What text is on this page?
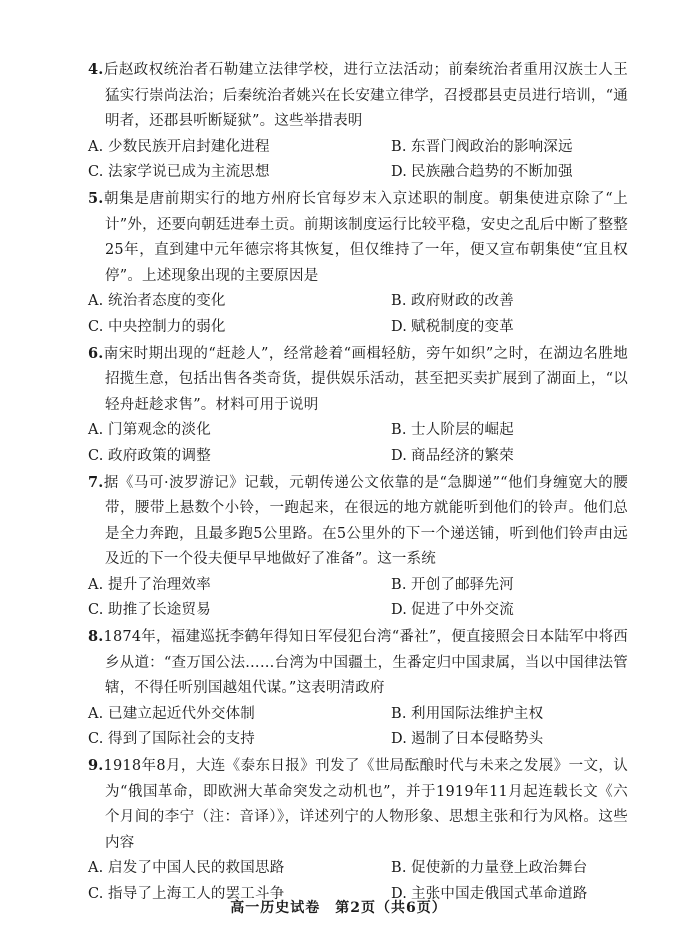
4.后赵政权统治者石勒建立法律学校，进行立法活动；前秦统治者重用汉族士人王猛实行崇尚法治；后秦统治者姚兴在长安建立律学，召授郡县吏员进行培训，“通明者，还郡县听断疑狱”。这些举措表明

A. 少数民族开启封建化进程	B. 东晋门阀政治的影响深远
C. 法家学说已成为主流思想	D. 民族融合趋势的不断加强

5.朝集是唐前期实行的地方州府长官每岁末入京述职的制度。朝集使进京除了“上计”外，还要向朝廷进奉土贡。前期该制度运行比较平稳，安史之乱后中断了整整25年，直到建中元年德宗将其恢复，但仅维持了一年，便又宣布朝集使“宜且权停”。上述现象出现的主要原因是

A. 统治者态度的变化	B. 政府财政的改善
C. 中央控制力的弱化	D. 赋税制度的变革

6.南宋时期出现的“赶趁人”，经常趁着“画楫轻舫，旁午如织”之时，在湖边名胜地招揽生意，包括出售各类奇货，提供娱乐活动，甚至把买卖扩展到了湖面上，“以轻舟赶趁求售”。材料可用于说明

A. 门第观念的淡化	B. 士人阶层的崛起
C. 政府政策的调整	D. 商品经济的繁荣

7.据《马可·波罗游记》记载，元朝传递公文依靠的是“急脚递”“他们身缠宽大的腰带，腰带上悬数个小铃，一跑起来，在很远的地方就能听到他们的铃声。他们总是全力奔跑，且最多跑5公里路。在5公里外的下一个递送铺，听到他们铃声由远及近的下一个役夫便早早地做好了准备”。这一系统

A. 提升了治理效率	B. 开创了邮驿先河
C. 助推了长途贸易	D. 促进了中外交流

8.1874年，福建巡抚李鹤年得知日军侵犯台湾“番社”，便直接照会日本陆军中将西乡从道：“查万国公法……台湾为中国疆土，生番定归中国隶属，当以中国律法管辖，不得任听别国越俎代谋。”这表明清政府

A. 已建立起近代外交体制	B. 利用国际法维护主权
C. 得到了国际社会的支持	D. 遏制了日本侵略势头

9.1918年8月，大连《泰东日报》刊发了《世局酝酿时代与未来之发展》一文，认为“俄国革命，即欧洲大革命突发之动机也”，并于1919年11月起连载长文《六个月间的李宁（注：音译）》，详述列宁的人物形象、思想主张和行为风格。这些内容

A. 启发了中国人民的救国思路	B. 促使新的力量登上政治舞台
C. 指导了上海工人的罢工斗争	D. 主张中国走俄国式革命道路
高一历史试卷　第2页（共6页）
